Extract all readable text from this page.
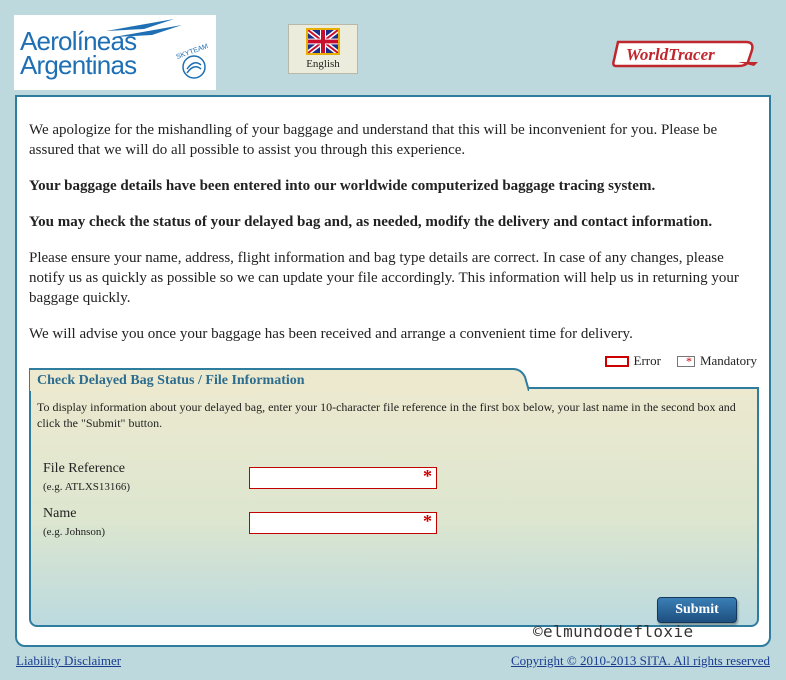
Aerolíneas
Argentinas	SKYTEAM
English	WorldTracer

We apologize for the mishandling of your baggage and understand that this will be inconvenient for you. Please be assured that we will do all possible to assist you through this experience.

Your baggage details have been entered into our worldwide computerized baggage tracing system.

You may check the status of your delayed bag and, as needed, modify the delivery and contact information.

Please ensure your name, address, flight information and bag type details are correct. In case of any changes, please notify us as quickly as possible so we can update your file accordingly. This information will help us in returning your baggage quickly.

We will advise you once your baggage has been received and arrange a convenient time for delivery.

Error
*	Mandatory
Check Delayed Bag Status / File Information
To display information about your delayed bag, enter your 10-character file reference in the first box below, your last name in the second box and click the "Submit" button.
File Reference
(e.g. ATLXS13166)
*
Name
(e.g. Johnson)
*
Submit
©elmundodefloxie
Liability Disclaimer	Copyright © 2010-2013 SITA. All rights reserved
